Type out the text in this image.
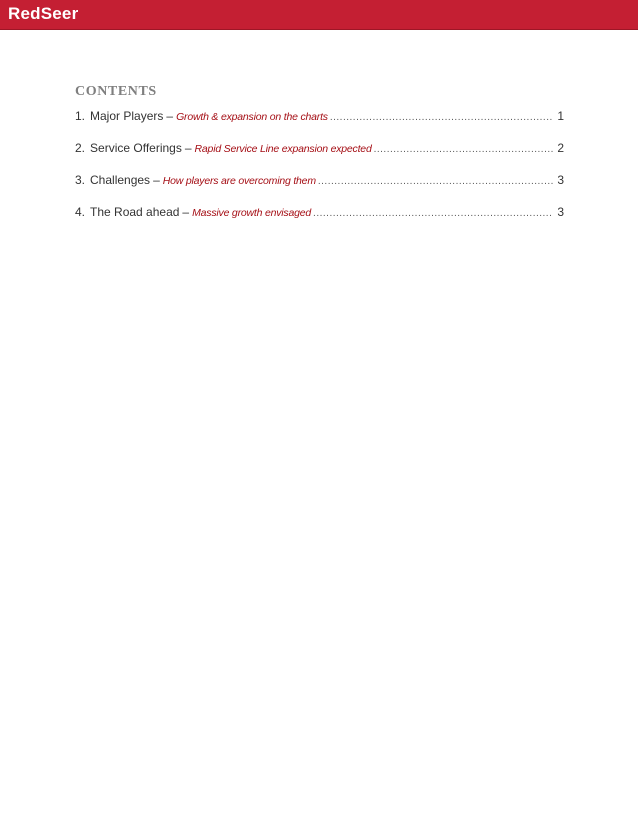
RedSeer
CONTENTS
1. Major Players – Growth & expansion on the charts .....	1
2. Service Offerings – Rapid Service Line expansion expected .....	2
3. Challenges – How players are overcoming them .....	3
4. The Road ahead – Massive growth envisaged .....	3
